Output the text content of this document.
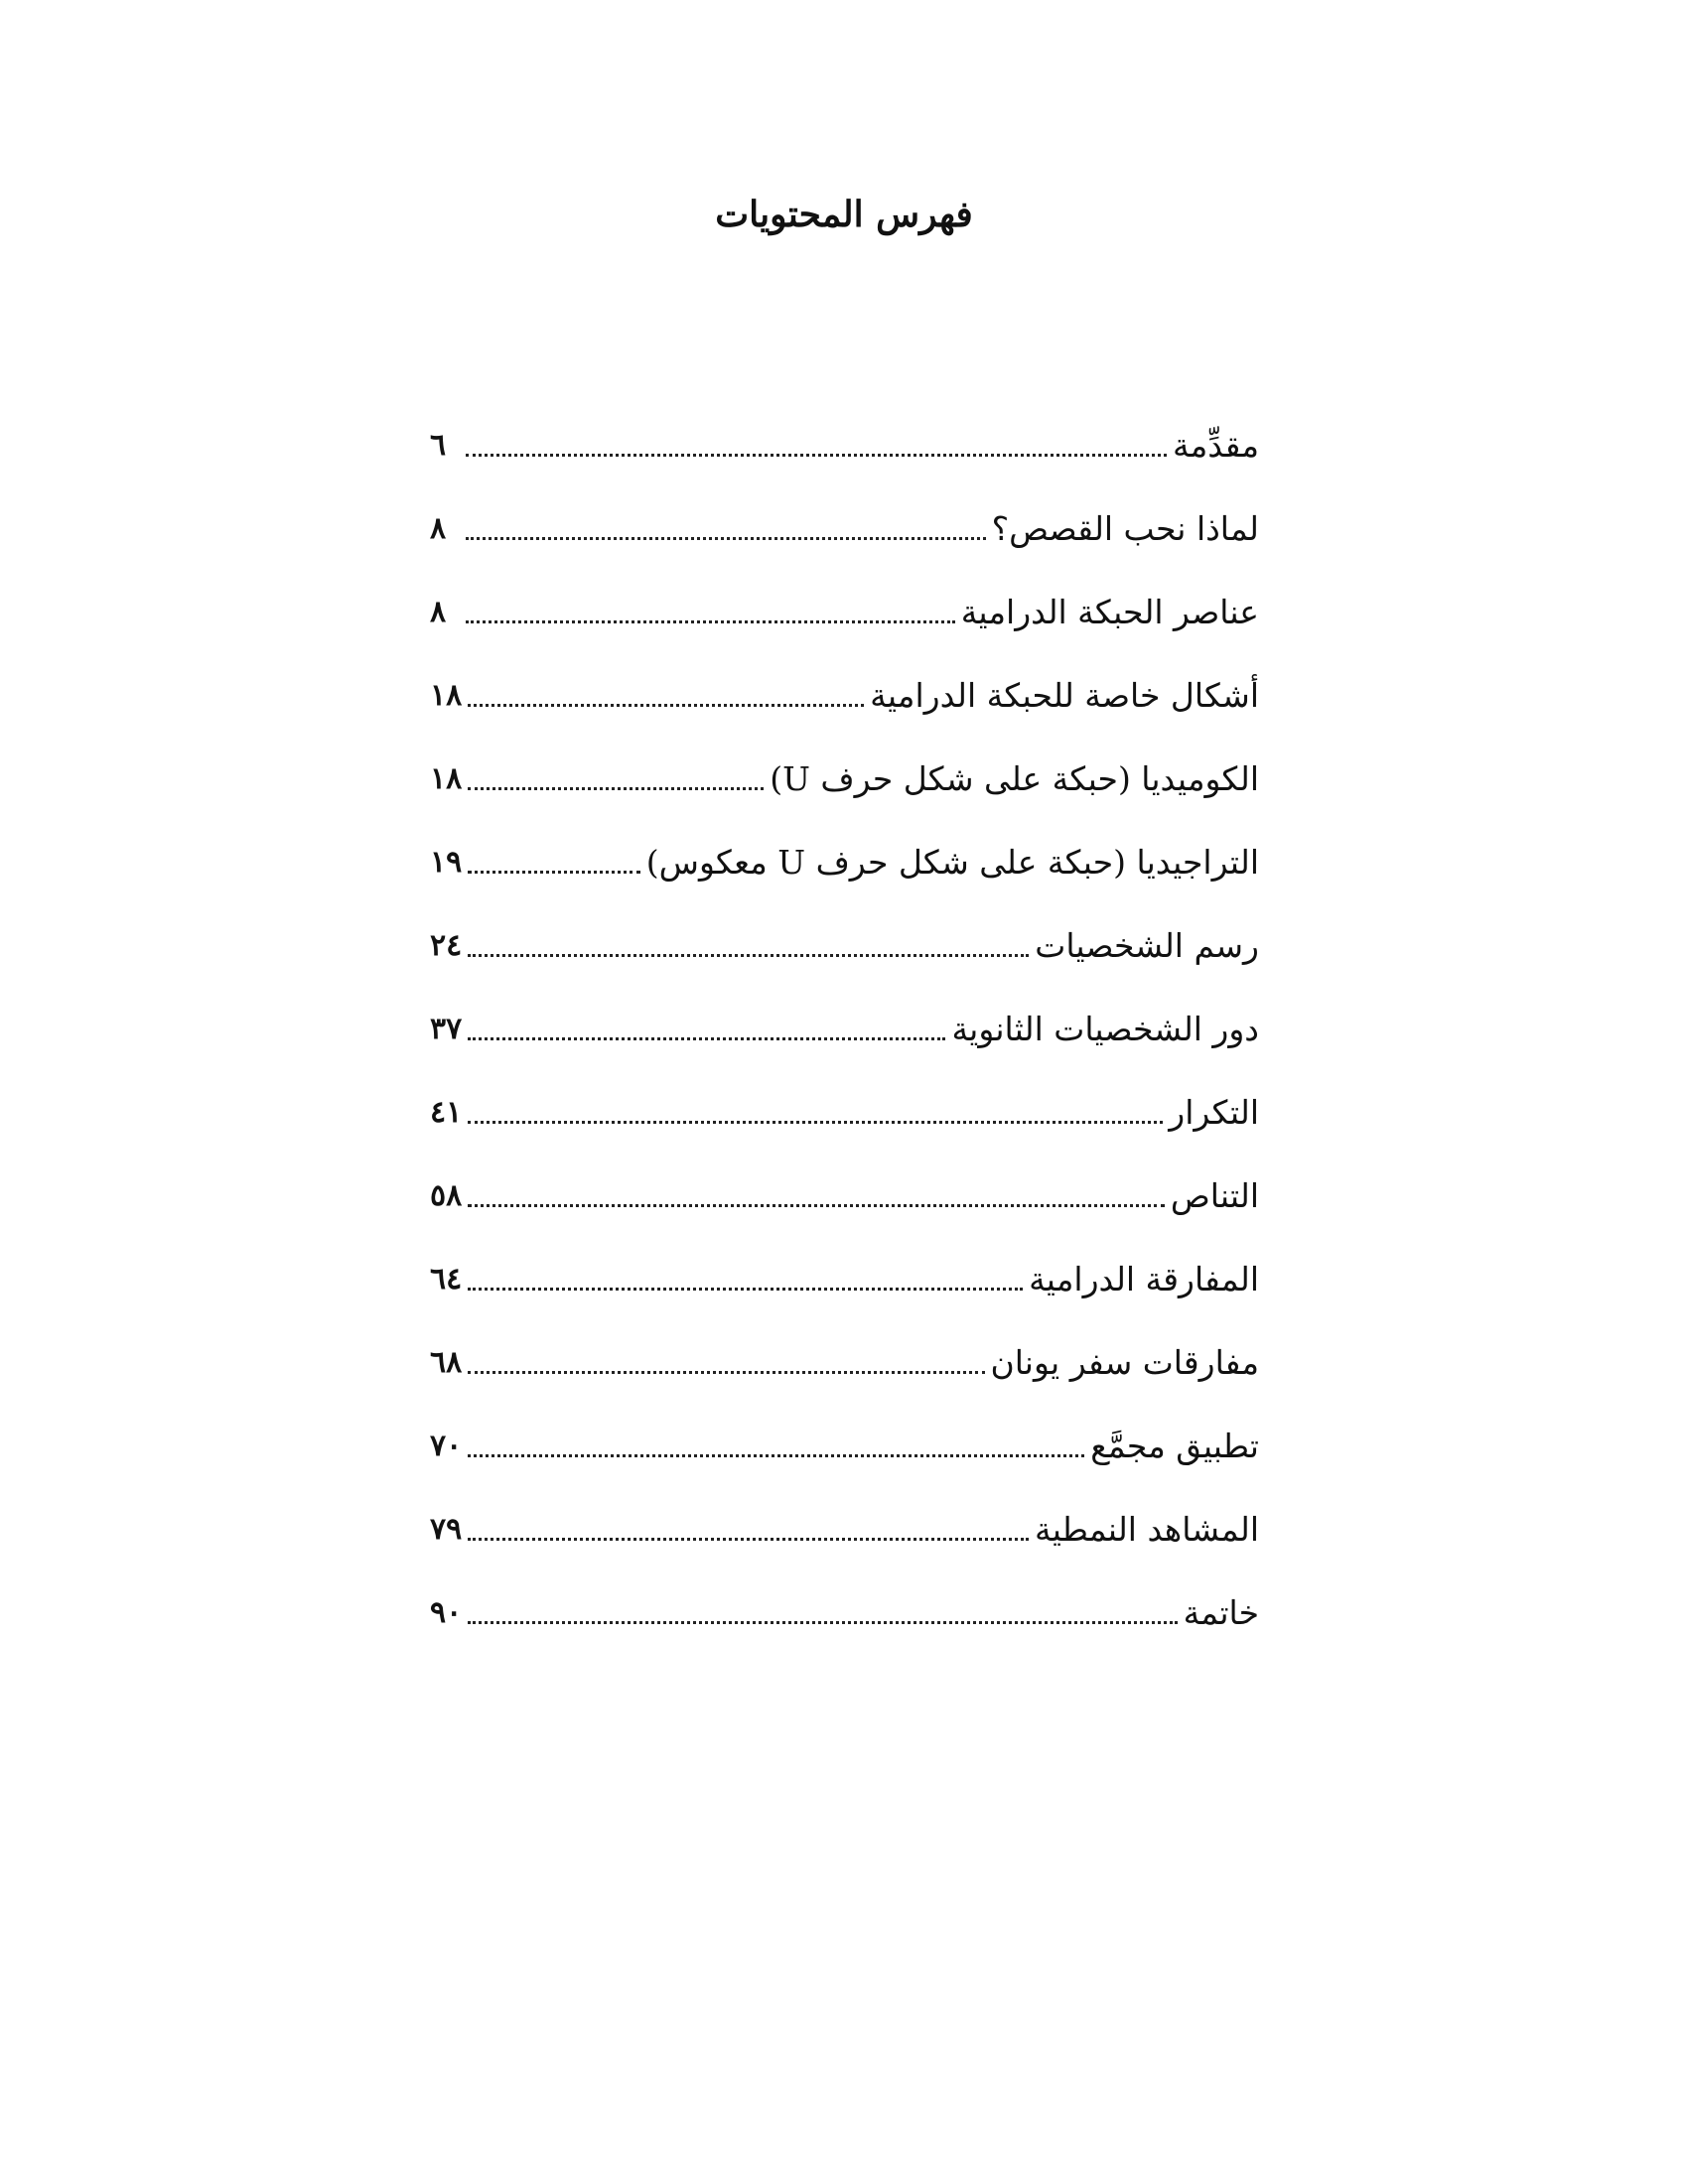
فهرس المحتويات
مقدِّمة
٦
لماذا نحب القصص؟
٨
عناصر الحبكة الدرامية
٨
أشكال خاصة للحبكة الدرامية
١٨
الكوميديا (حبكة على شكل حرف U)
١٨
التراجيديا (حبكة على شكل حرف U معكوس)
١٩
رسم الشخصيات
٢٤
دور الشخصيات الثانوية
٣٧
التكرار
٤١
التناص
٥٨
المفارقة الدرامية
٦٤
مفارقات سفر يونان
٦٨
تطبيق مجمَّع
٧٠
المشاهد النمطية
٧٩
خاتمة
٩٠
